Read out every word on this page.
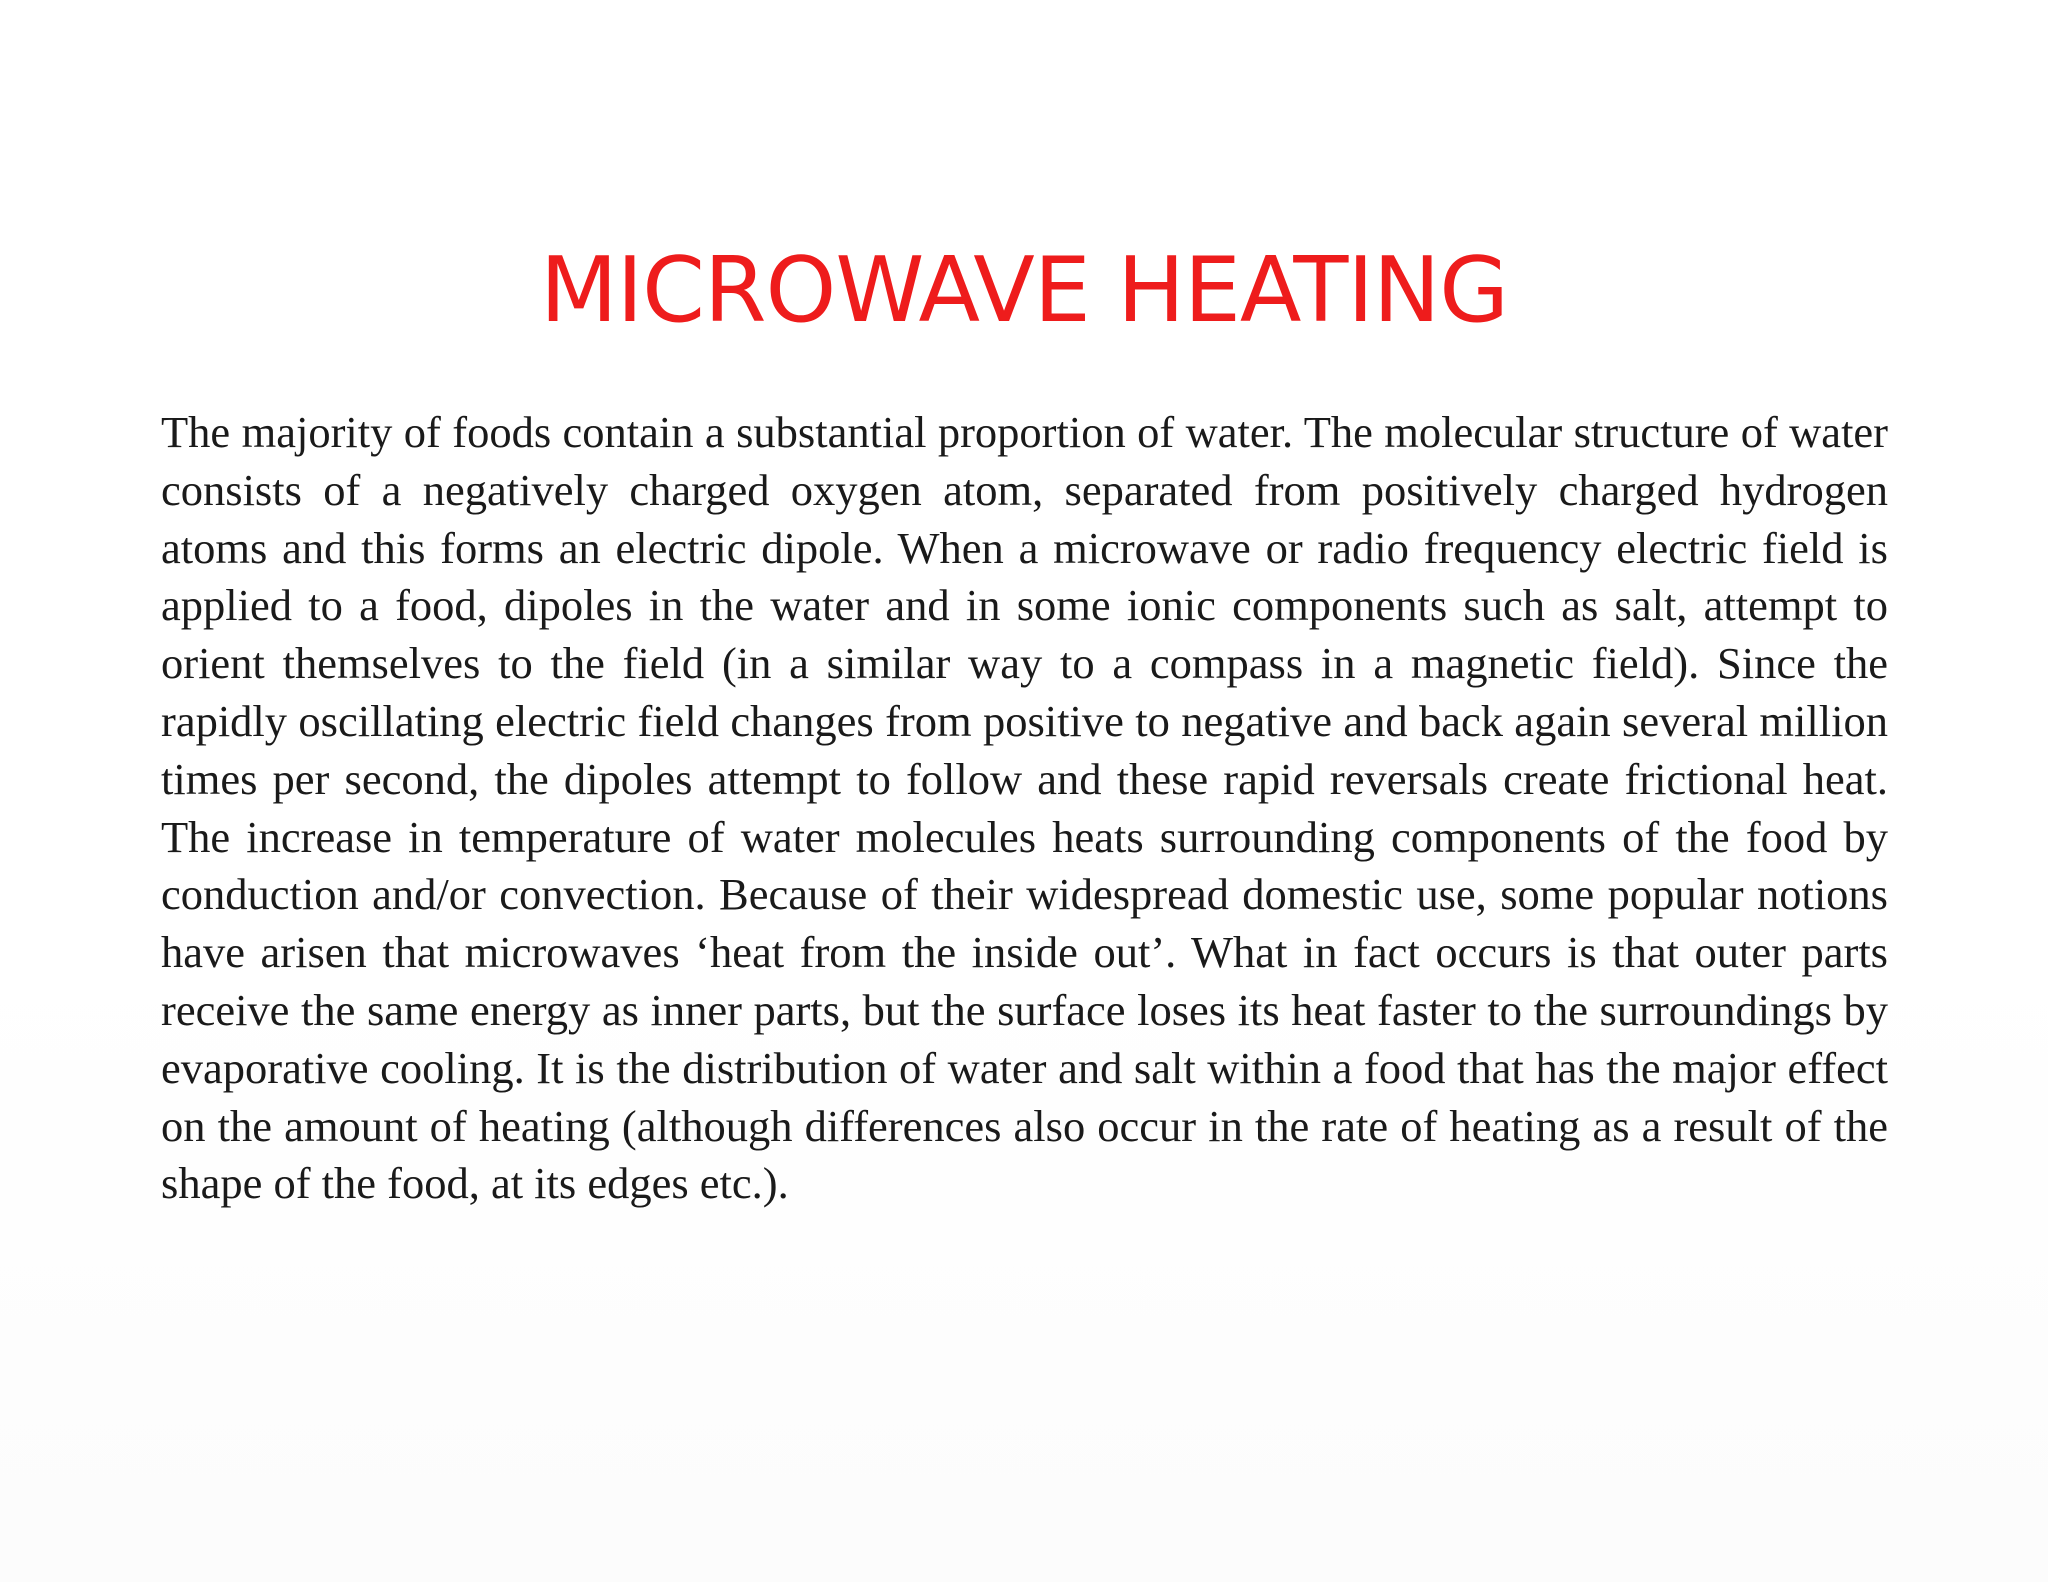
MICROWAVE HEATING

The majority of foods contain a substantial proportion of water. The molecular structure of water consists of a negatively charged oxygen atom, separated from positively charged hydrogen atoms and this forms an electric dipole. When a microwave or radio frequency electric field is applied to a food, dipoles in the water and in some ionic components such as salt, attempt to orient themselves to the field (in a similar way to a compass in a magnetic field). Since the rapidly oscillating electric field changes from positive to negative and back again several million times per second, the dipoles attempt to follow and these rapid reversals create frictional heat. The increase in temperature of water molecules heats surrounding components of the food by conduction and/or convection. Because of their widespread domestic use, some popular notions have arisen that microwaves ‘heat from the inside out’. What in fact occurs is that outer parts receive the same energy as inner parts, but the surface loses its heat faster to the surroundings by evaporative cooling. It is the distribution of water and salt within a food that has the major effect on the amount of heating (although differences also occur in the rate of heating as a result of the shape of the food, at its edges etc.).
